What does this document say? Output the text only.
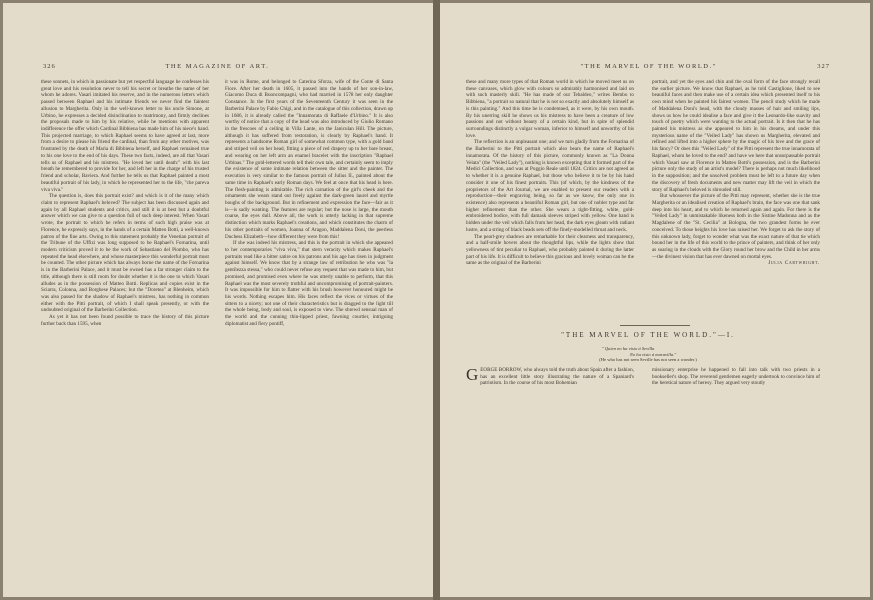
326	THE MAGAZINE OF ART.

these sonnets, in which in passionate but yet respectful language he confesses his great love and his resolution never to tell his secret or breathe the name of her whom he adores. Vasari imitated his reserve, and in the numerous letters which passed between Raphael and his intimate friends we never find the faintest allusion to Margherita. Only in the well-known letter to his uncle Simone, at Urbino, he expresses a decided disinclination to matrimony, and firmly declines the proposals made to him by his relative, while he mentions with apparent indifference the offer which Cardinal Bibbiena has made him of his niece's hand. This projected marriage, to which Raphael seems to have agreed at last, more from a desire to please his friend the cardinal, than from any other motives, was frustrated by the death of Maria di Bibbiena herself, and Raphael remained true to his one love to the end of his days. These two facts, indeed, are all that Vasari tells us of Raphael and his mistress. "He loved her until death:" with his last breath he remembered to provide for her, and left her in the charge of his trusted friend and scholar, Baviera. And further he tells us that Raphael painted a most beautiful portrait of his lady, in which he represented her to the life, "che pareva viva viva."

The question is, does this portrait exist? and which is it of the many which claim to represent Raphael's beloved? The subject has been discussed again and again by all Raphael students and critics, and still it is at best but a doubtful answer which we can give to a question full of such deep interest. When Vasari wrote, the portrait to which he refers in terms of such high praise was at Florence, he expressly says, in the hands of a certain Matteo Botti, a well-known patron of the fine arts. Owing to this statement probably the Venetian portrait of the Tribune of the Uffizi was long supposed to be Raphael's Fornarina, until modern criticism proved it to be the work of Sebastiano del Piombo, who has repeated the head elsewhere, and whose masterpiece this wonderful portrait must be counted. The other picture which has always borne the name of the Fornarina is in the Barberini Palace, and it must be owned has a far stronger claim to the title, although there is still room for doubt whether it is the one to which Vasari alludes as in the possession of Matteo Botti. Replicas and copies exist in the Sciarra, Colonna, and Borghese Palaces; but the "Doretea" at Blenheim, which was also passed for the shadow of Raphael's mistress, has nothing in common either with the Pitti portrait, of which I shall speak presently, or with the undoubted original of the Barberini Collection.

As yet it has not been found possible to trace the history of this picture further back than 1595, when

it was in Rome, and belonged to Caterina Sforza, wife of the Conte di Santa Fiore. After her death in 1605, it passed into the hands of her son-in-law, Giacomo Duca di Buoncompagni, who had married in 1578 her only daughter Constance. In the first years of the Seventeenth Century it was seen in the Barberini Palace by Fabio Chigi, and in the catalogue of this collection, drawn up in 1686, it is already called the "Innamorata di Raffaele d'Urbino." It is also worthy of notice that a copy of the head was also introduced by Giulio Romano in the frescoes of a ceiling in Villa Lante, on the Janiculan Hill. The picture, although it has suffered from restoration, is clearly by Raphael's hand. It represents a handsome Roman girl of somewhat common type, with a gold band and striped veil on her head, fitting a piece of red drapery up to her bare breast, and wearing on her left arm an enamel bracelet with the inscription "Raphael Urbinas." The gold-lettered words tell their own tale, and certainly seem to imply the existence of some intimate relation between the sitter and the painter. The execution is very similar to the famous portrait of Julius II., painted about the same time in Raphael's early Roman days. We feel at once that his head is here. The flesh-painting is admirable. The rich carnation of the girl's cheek and the ornaments she wears stand out freely against the dark-green laurel and myrtle boughs of the background. But in refinement and expression the face—fair as it is—is sadly wanting. The features are regular; but the nose is large, the mouth coarse, the eyes dull. Above all, the work is utterly lacking in that supreme distinction which marks Raphael's creations, and which constitutes the charm of his other portraits of women, Joanna of Aragon, Maddalena Doni, the peerless Duchess Elizabeth—how different they were from this!

If she was indeed his mistress, and this is the portrait in which she appeared to her contemporaries "viva viva," that stern veracity which makes Raphael's portraits read like a bitter satire on his patrons and his age has risen in judgment against himself. We know that by a strange law of retribution he who was "la gentilezza stessa," who could never refuse any request that was made to him, but promised, and promised even where he was utterly unable to perform, that this Raphael was the most severely truthful and uncompromising of portrait-painters. It was impossible for him to flatter with his brush however honoured might be his words. Nothing escapes him. His faces reflect the vices or virtues of the sitters to a nicety; not one of their characteristics but is dragged to the light till the whole being, body and soul, is exposed to view. The shrewd sensual man of the world and the cunning thin-lipped priest, fawning courtier, intriguing diplomatist and fiery pontiff,

"THE MARVEL OF THE WORLD."	327

these and many more types of that Roman world in which he moved meet us on these canvases, which glow with colours so admirably harmonised and laid on with such masterly skill. "He has made of our Tebaldeo," writes Bembo to Bibbiena, "a portrait so natural that he is not so exactly and absolutely himself as is this painting." And this time he is condemned, as it were, by his own mouth. By his unerring skill he shows us his mistress to have been a creature of low passions and not without beauty of a certain kind, but in spite of splendid surroundings distinctly a vulgar woman, inferior to himself and unworthy of his love.

The reflection is an unpleasant one; and we turn gladly from the Fornarina of the Barberini to the Pitti portrait which also bears the name of Raphael's innamorata. Of the history of this picture, commonly known as "La Donna Velata" (the "Veiled Lady"), nothing is known excepting that it formed part of the Medici Collection, and was at Poggio Reale until 1824. Critics are not agreed as to whether it is a genuine Raphael, but those who believe it to be by his hand consider it one of his finest portraits. This (of which, by the kindness of the proprietors of the Art Journal, we are enabled to present our readers with a reproduction—their engraving being, so far as we know, the only one in existence) also represents a beautiful Roman girl, but one of nobler type and far higher refinement than the other. She wears a tight-fitting, white, gold-embroidered bodice, with full damask sleeves striped with yellow. One hand is hidden under the veil which falls from her head, the dark eyes gleam with radiant lustre, and a string of black beads sets off the finely-modelled throat and neck.

The pearl-grey shadows are remarkable for their clearness and transparency, and a half-smile hovers about the thoughtful lips, while the lights show that yellowness of tint peculiar to Raphael, who probably painted it during the latter part of his life. It is difficult to believe this gracious and lovely woman can be the same as the original of the Barberini

portrait, and yet the eyes and chin and the oval form of the face strongly recall the earlier picture. We know that Raphael, as he told Castiglione, liked to see beautiful faces and then make use of a certain idea which presented itself to his own mind when he painted his fairest women. The pencil study which he made of Maddalena Doni's head, with the cloudy masses of hair and smiling lips, shows us how he could idealise a face and give it the Leonardo-like suavity and touch of poetry which were wanting to the actual portrait. Is it then that he has painted his mistress as she appeared to him in his dreams, and under this mysterious name of the "Veiled Lady" has shown us Margherita, elevated and refined and lifted into a higher sphere by the magic of his love and the grace of his fancy? Or does this "Veiled Lady" of the Pitti represent the true innamorata of Raphael, whom he loved to the end? and have we here that unsurpassable portrait which Vasari saw at Florence in Matteo Botti's possession, and is the Barberini picture only the study of an artist's model? There is perhaps not much likelihood in the supposition; and the unsolved problem must be left to a future day when the discovery of fresh documents and new matter may lift the veil in which the story of Raphael's beloved is shrouded still.

But whosoever the picture of the Pitti may represent, whether she is the true Margherita or an idealised creation of Raphael's brain, the face was one that sank deep into his heart, and to which he returned again and again. For there is the "Veiled Lady" in unmistakable likeness both in the Sistine Madonna and as the Magdalene of the "St. Cecilia" at Bologna, the two grandest forms he ever conceived. To those heights his love has raised her. We forget to ask the story of this unknown lady, forget to wonder what was the exact nature of that tie which bound her in the life of this world to the prince of painters, and think of her only as soaring in the clouds with the Glory round her brow and the Child in her arms—the divinest vision that has ever dawned on mortal eyes.

Julia Cartwright.

"THE MARVEL OF THE WORLD."—I.
" Quien no ha visto á Sevilla
No ha visto á maravilla."
(He who has not seen Seville has not seen a wonder.)
G EORGE BORROW, who always told the truth about Spain after a fashion, has an excellent little story illustrating the nature of a Spaniard's patriotism. In the course of his most Bohemian

missionary enterprise he happened to fall into talk with two priests in a bookseller's shop. The reverend gentlemen eagerly undertook to convince him of the heretical nature of heresy. They argued very stoutly
